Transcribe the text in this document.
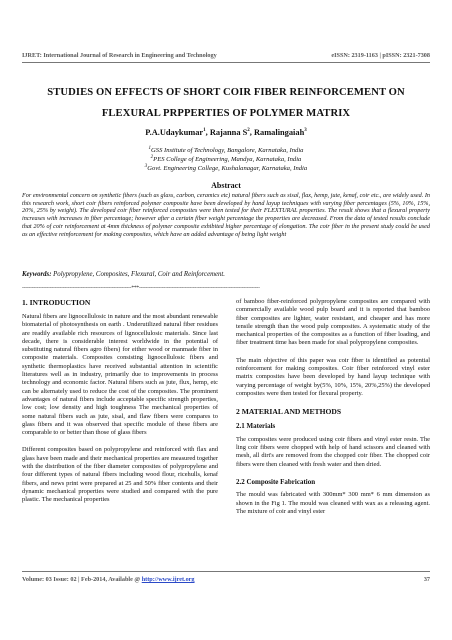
IJRET: International Journal of Research in Engineering and Technology	eISSN: 2319-1163 | pISSN: 2321-7308
STUDIES ON EFFECTS OF SHORT COIR FIBER REINFORCEMENT ON
FLEXURAL PRPPERTIES OF POLYMER MATRIX
P.A.Udaykumar$^1$, Rajanna $S^2$, Ramalingaiah$^3$
$^1$GSS Institute of Technology, Bangalore, Karnataka, India
$^2$PES College of Engineering, Mandya, Karnataka, India
$^3$Govt. Engineering College, Kushalanagar, Karnataka, India
Abstract
For environmental concern on synthetic fibers (such as glass, carbon, ceramics etc) natural fibers such as sisal, flax, hemp, jute, kenaf, coir etc., are widely used. In this research work, short coir fibers reinforced polymer composite have been developed by hand layup techniques with varying fiber percentages (5%, 10%, 15%, 20%, 25% by weight). The developed coir fiber reinforced composites were then tested for their FLEXTURAL properties. The result shows that a flexural property increases with increases in fiber percentage; however after a certain fiber weight percentage the properties are decreased. From the data of tested results conclude that 20% of coir reinforcement at 4mm thickness of polymer composite exhibited higher percentage of elongation. The coir fiber in the present study could be used as an effective reinforcement for making composites, which have an added advantage of being light weight
Keywords: Polypropylene, Composites, Flexural, Coir and Reinforcement.
-------------------------------------------------------------------***--------------------------------------------------------------------------
1. INTRODUCTION

Natural fibers are lignocellulosic in nature and the most abundant renewable biomaterial of photosynthesis on earth . Underutilized natural fiber residues are readily available rich resources of lignocellulosic materials. Since last decade, there is considerable interest worldwide in the potential of substituting natural fibers agro fibers) for either wood or manmade fiber in composite materials. Composites consisting lignocellulosic fibers and synthetic thermoplastics have received substantial attention in scientific literatures well as in industry, primarily due to improvements in process technology and economic factor. Natural fibers such as jute, flux, hemp, etc can be alternately used to reduce the cost of the composites. The prominent advantages of natural fibers include acceptable specific strength properties, low cost; low density and high toughness The mechanical properties of some natural fibers such as jute, sisal, and flaw fibers were compares to glass fibers and it was observed that specific module of these fibers are comparable to or better than those of glass fibers

Different composites based on polypropylene and reinforced with flax and glass have been made and their mechanical properties are measured together with the distribution of the fiber diameter composites of polypropylene and four different types of natural fibers including wood flour, ricehulls, kenaf fibers, and news print were prepared at 25 and 50% fiber contents and their dynamic mechanical properties were studied and compared with the pure plastic. The mechanical properties

of bamboo fiber-reinforced polypropylene composites are compared with commercially available wood pulp board and it is reported that bamboo fiber composites are lighter, water resistant, and cheaper and has more tensile strength than the wood pulp composites. A systematic study of the mechanical properties of the composites as a function of fiber loading, and fiber treatment time has been made for sisal polypropylene composites.

The main objective of this paper was coir fiber is identified as potential reinforcement for making composites. Coir fiber reinforced vinyl ester matrix composites have been developed by hand layup technique with varying percentage of weight by(5%, 10%, 15%, 20%,25%) the developed composites were then tested for flexural property.

2 MATERIAL AND METHODS
2.1 Materials

The composites were produced using coir fibers and vinyl ester resin. The ling coir fibers were chopped with help of hand scissors and cleaned with mesh, all dirt's are removed from the chopped coir fiber. The chopped coir fibers were then cleaned with fresh water and then dried.

2.2 Composite Fabrication

The mould was fabricated with 300mm* 300 mm* 6 mm dimension as shown in the Fig 1. The mould was cleaned with wax as a releasing agent. The mixture of coir and vinyl ester

Volume: 03 Issue: 02 | Feb-2014, Available @ http://www.ijret.org	37
